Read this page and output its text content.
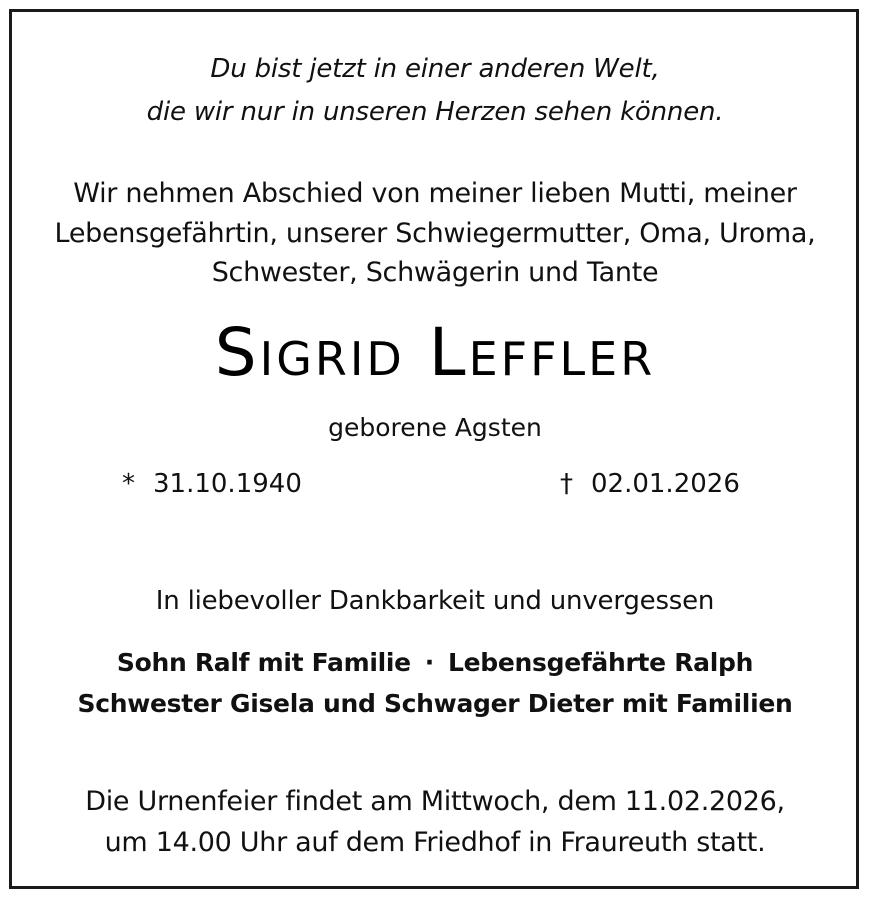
Du bist jetzt in einer anderen Welt,
die wir nur in unseren Herzen sehen können.
Wir nehmen Abschied von meiner lieben Mutti, meiner
Lebensgefährtin, unserer Schwiegermutter, Oma, Uroma,
Schwester, Schwägerin und Tante
Sigrid Leffler
geborene Agsten
* 31.10.1940	† 02.01.2026
In liebevoller Dankbarkeit und unvergessen
Sohn Ralf mit Familie · Lebensgefährte Ralph
Schwester Gisela und Schwager Dieter mit Familien
Die Urnenfeier findet am Mittwoch, dem 11.02.2026,
um 14.00 Uhr auf dem Friedhof in Fraureuth statt.
